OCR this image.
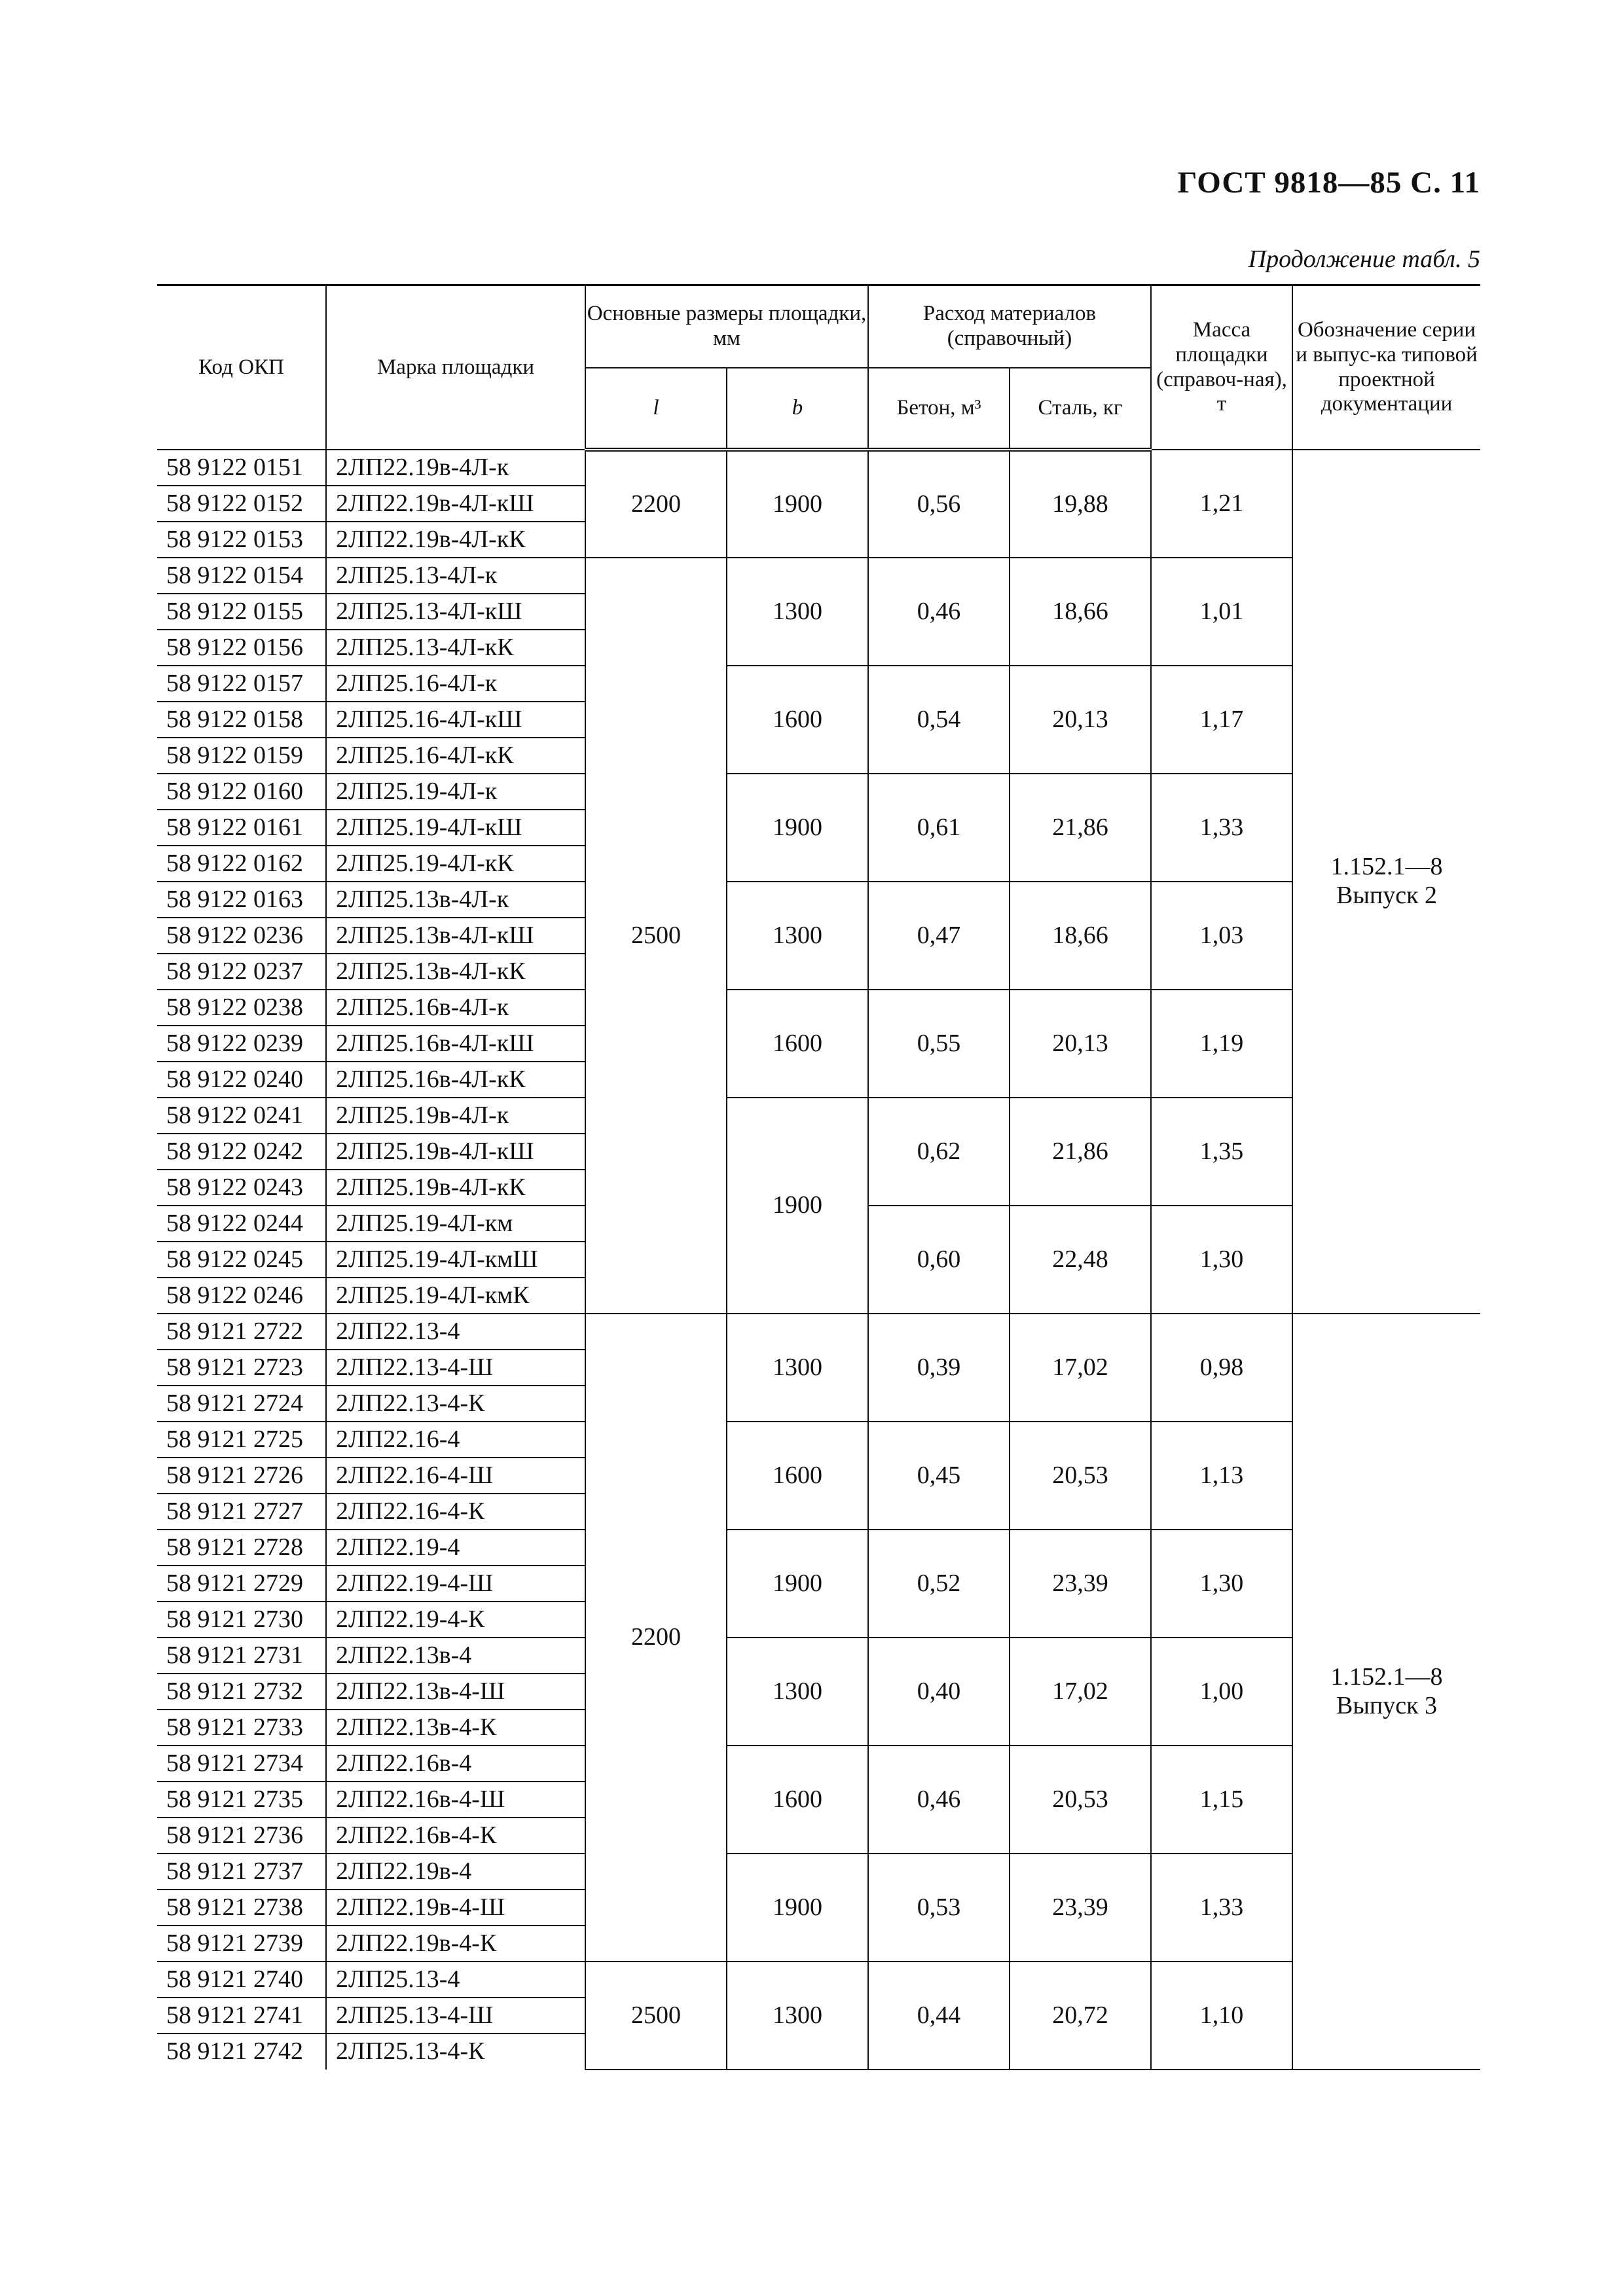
ГОСТ 9818—85 С. 11
Продолжение табл. 5
Код ОКП	Марка площадки	Основные размеры площадки, мм		Расход материалов (справочный)		Масса площадки (справоч-ная), т	Обозначение серии и выпус-ка типовой проектной документации
		l	b	Бетон, м³	Сталь, кг		
58 9122 0151	2ЛП22.19в-4Л-к	2200	1900	0,56	19,88	1,21	1.152.1—8
Выпуск 2

58 9122 0152	2ЛП22.19в-4Л-кШ						
58 9122 0153	2ЛП22.19в-4Л-кК						
58 9122 0154	2ЛП25.13-4Л-к	2500	1300	0,46	18,66	1,01	
58 9122 0155	2ЛП25.13-4Л-кШ						
58 9122 0156	2ЛП25.13-4Л-кК						
58 9122 0157	2ЛП25.16-4Л-к		1600	0,54	20,13	1,17	
58 9122 0158	2ЛП25.16-4Л-кШ						
58 9122 0159	2ЛП25.16-4Л-кК						
58 9122 0160	2ЛП25.19-4Л-к		1900	0,61	21,86	1,33	
58 9122 0161	2ЛП25.19-4Л-кШ						
58 9122 0162	2ЛП25.19-4Л-кК						
58 9122 0163	2ЛП25.13в-4Л-к		1300	0,47	18,66	1,03	
58 9122 0236	2ЛП25.13в-4Л-кШ						
58 9122 0237	2ЛП25.13в-4Л-кК						
58 9122 0238	2ЛП25.16в-4Л-к		1600	0,55	20,13	1,19	
58 9122 0239	2ЛП25.16в-4Л-кШ						
58 9122 0240	2ЛП25.16в-4Л-кК						
58 9122 0241	2ЛП25.19в-4Л-к		1900	0,62	21,86	1,35	
58 9122 0242	2ЛП25.19в-4Л-кШ						
58 9122 0243	2ЛП25.19в-4Л-кК						
58 9122 0244	2ЛП25.19-4Л-км			0,60	22,48	1,30	
58 9122 0245	2ЛП25.19-4Л-кмШ						
58 9122 0246	2ЛП25.19-4Л-кмК						
58 9121 2722	2ЛП22.13-4	2200	1300	0,39	17,02	0,98	1.152.1—8
Выпуск 3

58 9121 2723	2ЛП22.13-4-Ш						
58 9121 2724	2ЛП22.13-4-К						
58 9121 2725	2ЛП22.16-4		1600	0,45	20,53	1,13	
58 9121 2726	2ЛП22.16-4-Ш						
58 9121 2727	2ЛП22.16-4-К						
58 9121 2728	2ЛП22.19-4		1900	0,52	23,39	1,30	
58 9121 2729	2ЛП22.19-4-Ш						
58 9121 2730	2ЛП22.19-4-К						
58 9121 2731	2ЛП22.13в-4		1300	0,40	17,02	1,00	
58 9121 2732	2ЛП22.13в-4-Ш						
58 9121 2733	2ЛП22.13в-4-К						
58 9121 2734	2ЛП22.16в-4		1600	0,46	20,53	1,15	
58 9121 2735	2ЛП22.16в-4-Ш						
58 9121 2736	2ЛП22.16в-4-К						
58 9121 2737	2ЛП22.19в-4		1900	0,53	23,39	1,33	
58 9121 2738	2ЛП22.19в-4-Ш						
58 9121 2739	2ЛП22.19в-4-К						
58 9121 2740	2ЛП25.13-4	2500	1300	0,44	20,72	1,10	
58 9121 2741	2ЛП25.13-4-Ш						
58 9121 2742	2ЛП25.13-4-К						
